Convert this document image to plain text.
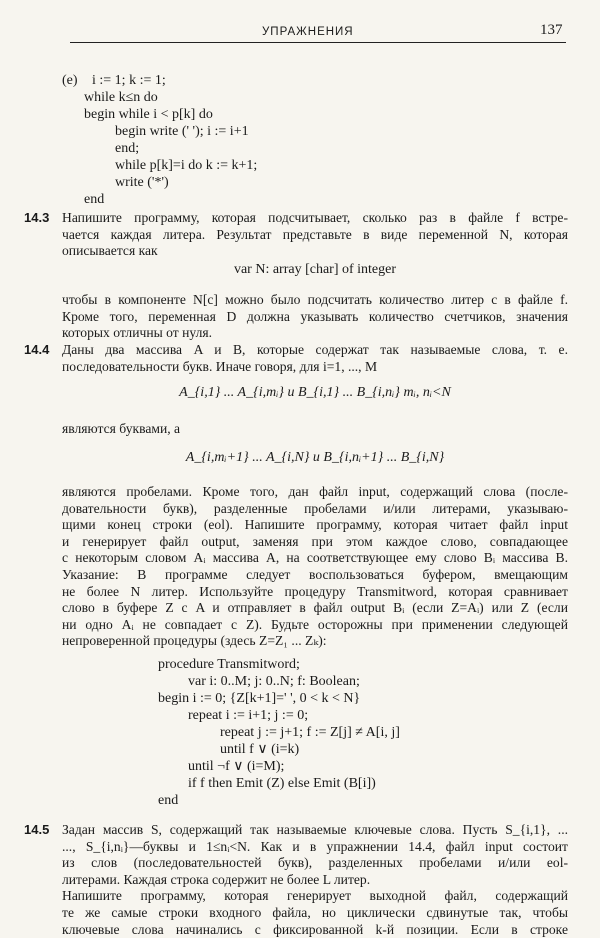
УПРАЖНЕНИЯ	137
(e) i := 1; k := 1;
while k≤n do
begin while i < p[k] do
begin write (' '); i := i+1
end;
while p[k]=i do k := k+1;
write ('*')
end
14.3 Напишите программу, которая подсчитывает, сколько раз в файле f встре-
чается каждая литера. Результат представьте в виде переменной N, которая
описывается как
var N: array [char] of integer
чтобы в компоненте N[c] можно было подсчитать количество литер c в файле f.
Кроме того, переменная D должна указывать количество счетчиков, значения
которых отличны от нуля.
14.4 Даны два массива A и B, которые содержат так называемые слова, т. е.
последовательности букв. Иначе говоря, для i=1, ..., M
A_{i,1} ... A_{i,mᵢ} и B_{i,1} ... B_{i,nᵢ} mᵢ, nᵢ<N
являются буквами, а
A_{i,mᵢ+1} ... A_{i,N} и B_{i,nᵢ+1} ... B_{i,N}
являются пробелами. Кроме того, дан файл input, содержащий слова (после-
довательности букв), разделенные пробелами и/или литерами, указываю-
щими конец строки (eol). Напишите программу, которая читает файл input
и генерирует файл output, заменяя при этом каждое слово, совпадающее
с некоторым словом Aᵢ массива A, на соответствующее ему слово Bᵢ массива B.
Указание: В программе следует воспользоваться буфером, вмещающим
не более N литер. Используйте процедуру Transmitword, которая сравнивает
слово в буфере Z с A и отправляет в файл output Bᵢ (если Z=Aᵢ) или Z (если
ни одно Aᵢ не совпадает с Z). Будьте осторожны при применении следующей
непроверенной процедуры (здесь Z=Z₁ ... Zₖ):
procedure Transmitword;
var i: 0..M; j: 0..N; f: Boolean;
begin i := 0; {Z[k+1]=' ', 0 < k < N}
repeat i := i+1; j := 0;
repeat j := j+1; f := Z[j] ≠ A[i, j]
until f ∨ (i=k)
until ¬f ∨ (i=M);
if f then Emit (Z) else Emit (B[i])
end
14.5 Задан массив S, содержащий так называемые ключевые слова. Пусть S_{i,1}, ...
..., S_{i,nᵢ}—буквы и 1≤nᵢ<N. Как и в упражнении 14.4, файл input состоит
из слов (последовательностей букв), разделенных пробелами и/или eol-
литерами. Каждая строка содержит не более L литер.
Напишите программу, которая генерирует выходной файл, содержащий
те же самые строки входного файла, но циклически сдвинутые так, чтобы
ключевые слова начинались с фиксированной k-й позиции. Если в строке
